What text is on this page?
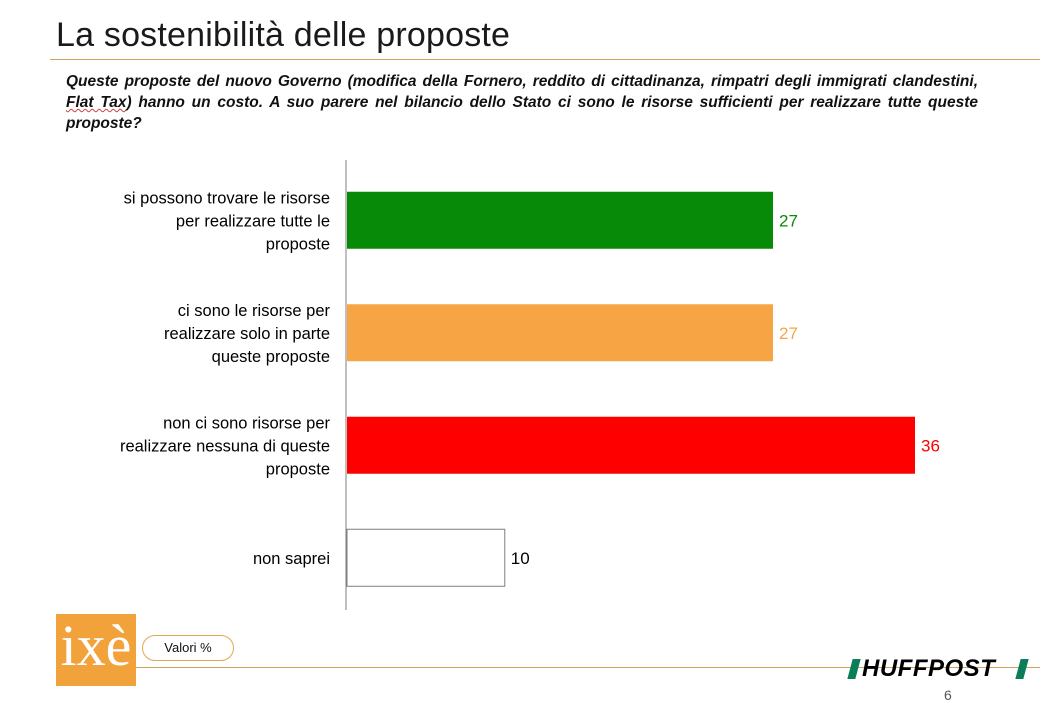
La sostenibilità delle proposte
Queste proposte del nuovo Governo (modifica della Fornero, reddito di cittadinanza, rimpatri degli immigrati clandestini, Flat Tax) hanno un costo. A suo parere nel bilancio dello Stato ci sono le risorse sufficienti per realizzare tutte queste proposte?
27
si possono trovare le risorse
per realizzare tutte le
proposte
27
ci sono le risorse per
realizzare solo in parte
queste proposte
36
non ci sono risorse per
realizzare nessuna di queste
proposte
10
non saprei
ixè	Valori %
HUFFPOST
6
